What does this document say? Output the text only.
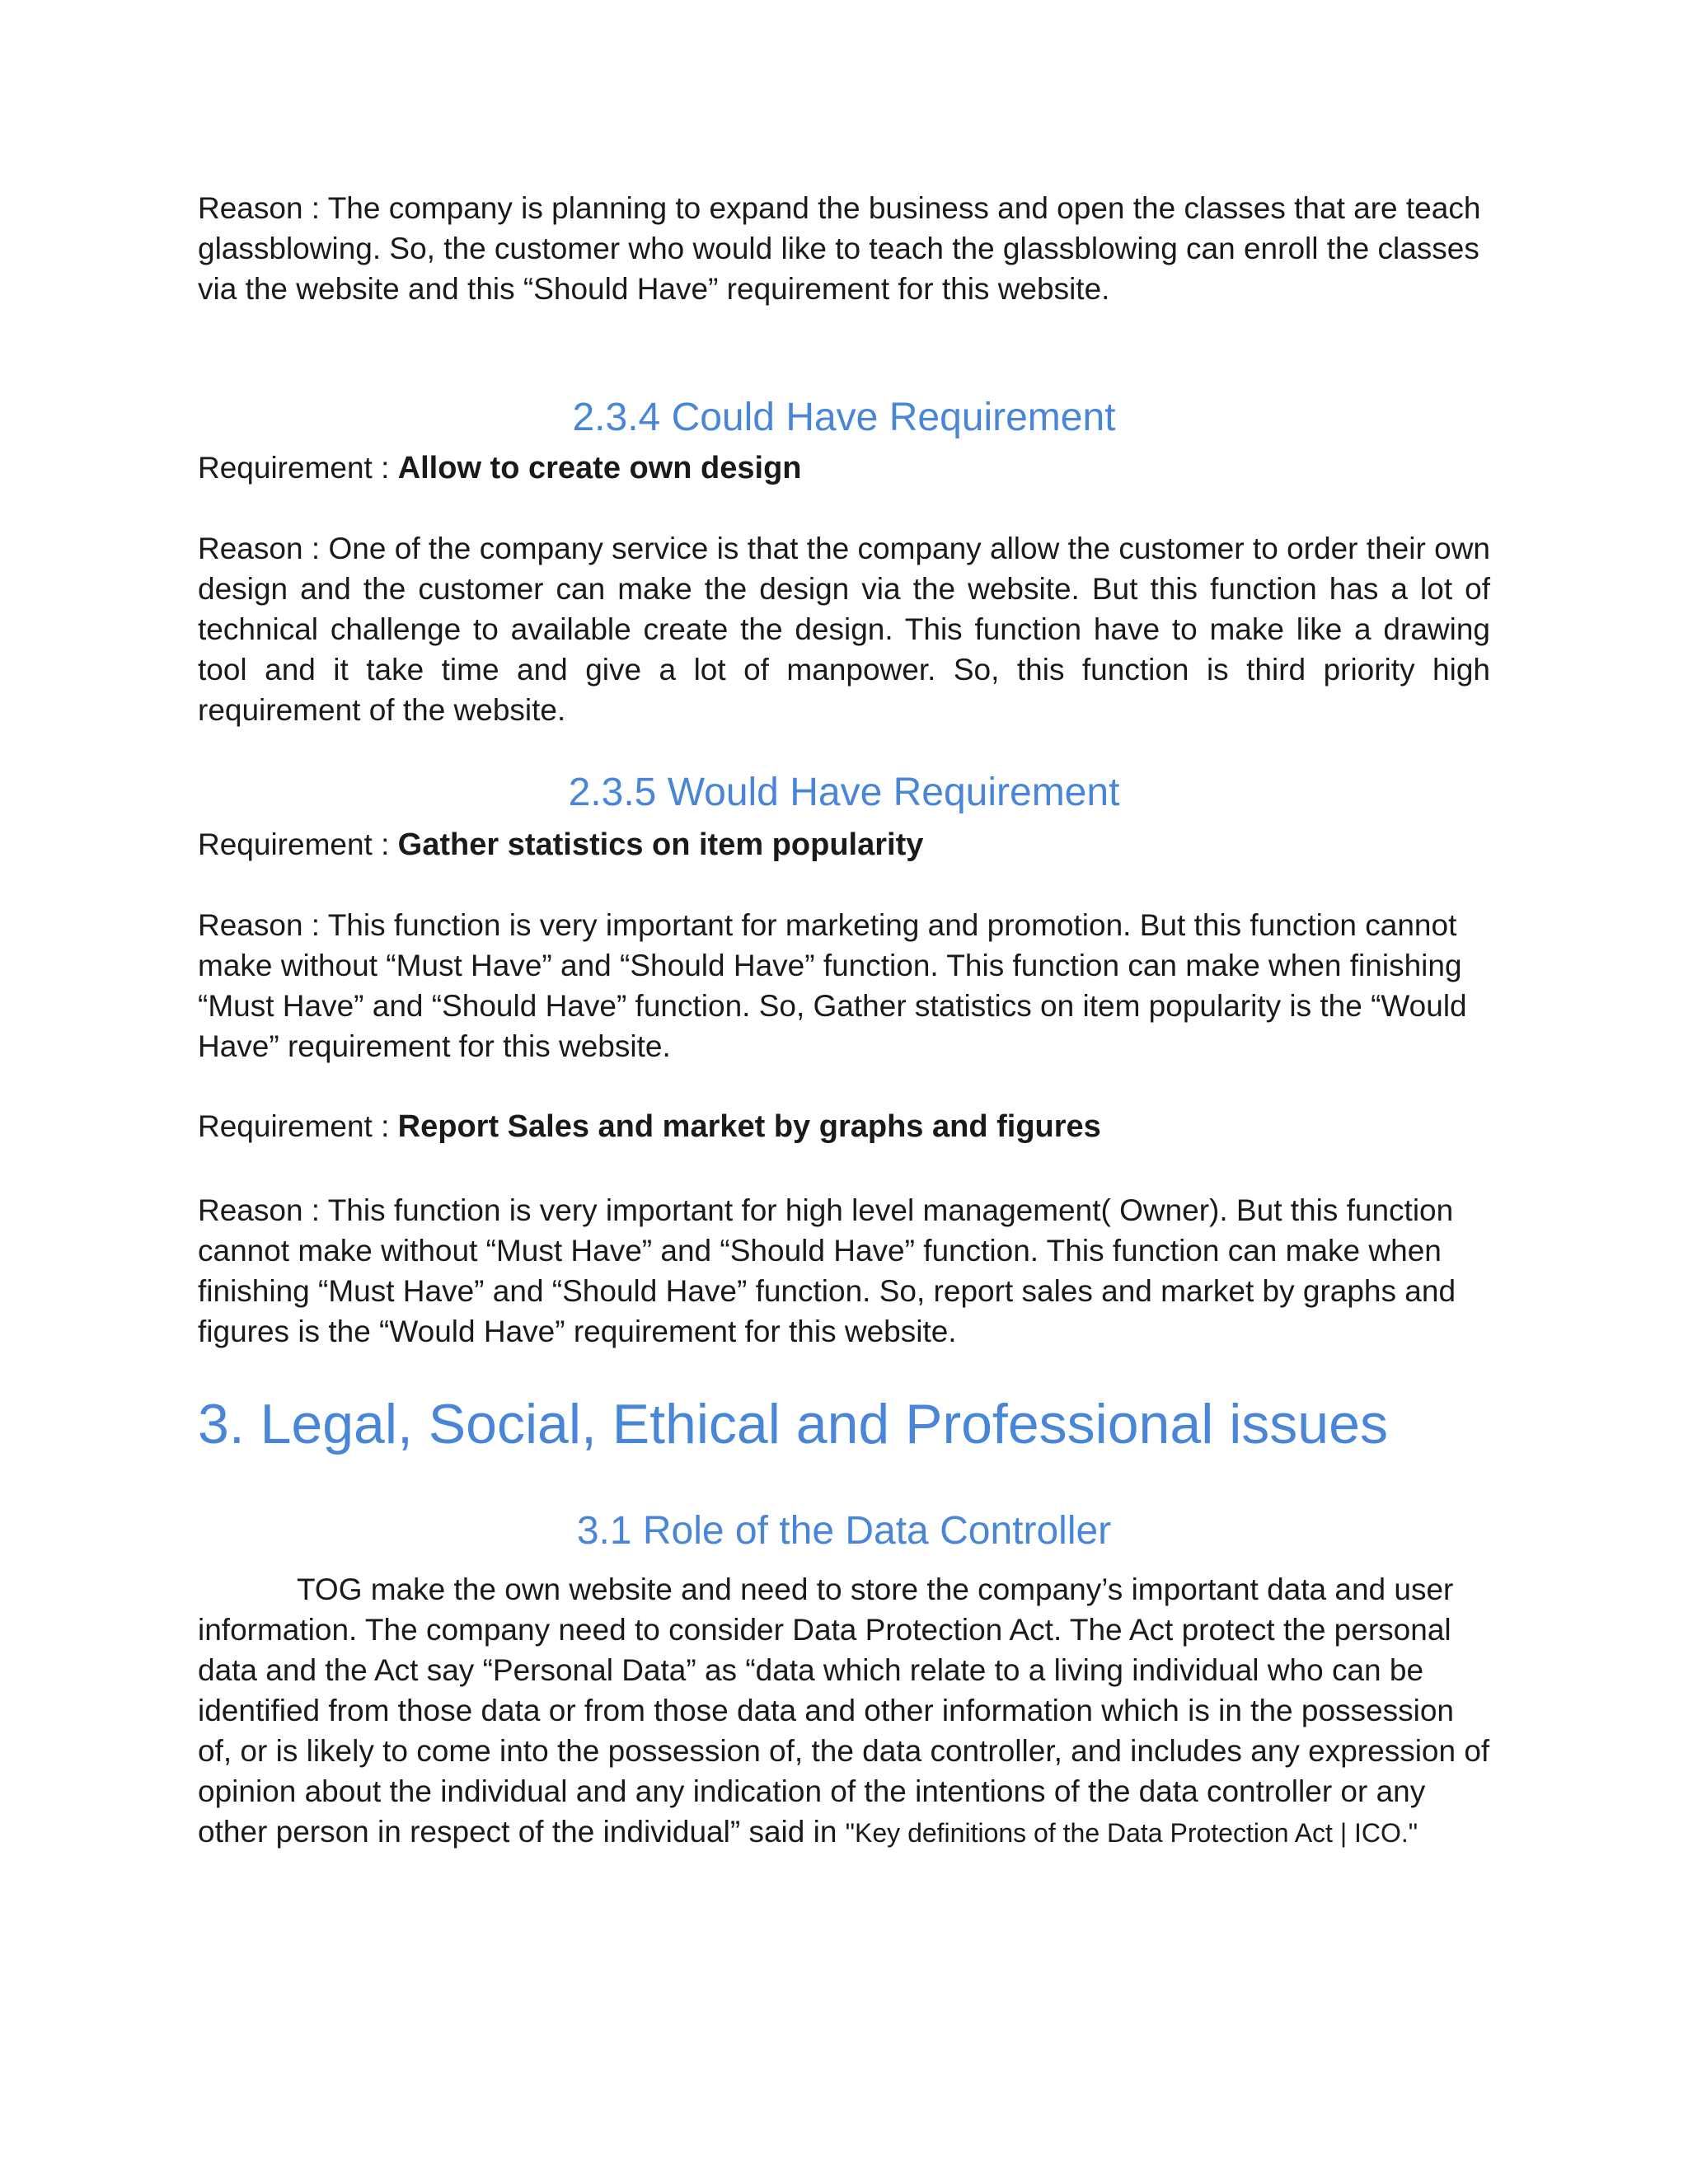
Reason : The company is planning to expand the business and open the classes that are teach glassblowing. So, the customer who would like to teach the glassblowing can enroll the classes via the website and this “Should Have” requirement for this website.

2.3.4 Could Have Requirement

Requirement : Allow to create own design

Reason : One of the company service is that the company allow the customer to order their own design and the customer can make the design via the website. But this function has a lot of technical challenge to available create the design. This function have to make like a drawing tool and it take time and give a lot of manpower. So, this function is third priority high requirement of the website.

2.3.5 Would Have Requirement

Requirement : Gather statistics on item popularity

Reason : This function is very important for marketing and promotion. But this function cannot make without “Must Have” and “Should Have” function. This function can make when finishing “Must Have” and “Should Have” function. So, Gather statistics on item popularity is the “Would Have” requirement for this website.

Requirement : Report Sales and market by graphs and figures

Reason : This function is very important for high level management( Owner). But this function cannot make without “Must Have” and “Should Have” function. This function can make when finishing “Must Have” and “Should Have” function. So, report sales and market by graphs and figures is the “Would Have” requirement for this website.

3. Legal, Social, Ethical and Professional issues
3.1 Role of the Data Controller

TOG make the own website and need to store the company’s important data and user information. The company need to consider Data Protection Act. The Act protect the personal data and the Act say “Personal Data” as “data which relate to a living individual who can be identified from those data or from those data and other information which is in the possession of, or is likely to come into the possession of, the data controller, and includes any expression of opinion about the individual and any indication of the intentions of the data controller or any other person in respect of the individual” said in "Key definitions of the Data Protection Act | ICO."
